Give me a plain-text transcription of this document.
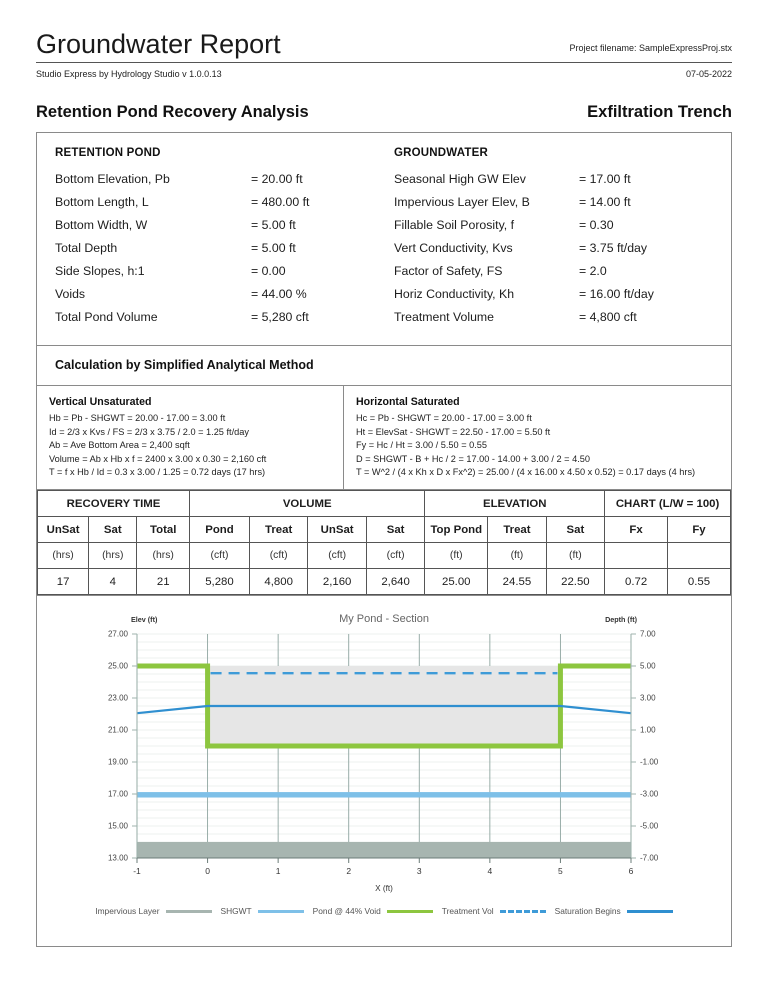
Groundwater Report	Project filename: SampleExpressProj.stx
Studio Express by Hydrology Studio v 1.0.0.13	07-05-2022
Retention Pond Recovery Analysis	Exfiltration Trench
RETENTION POND
Bottom Elevation, Pb	= 20.00 ft
Bottom Length, L	= 480.00 ft
Bottom Width, W	= 5.00 ft
Total Depth	= 5.00 ft
Side Slopes, h:1	= 0.00
Voids	= 44.00 %
Total Pond Volume	= 5,280 cft
GROUNDWATER
Seasonal High GW Elev	= 17.00 ft
Impervious Layer Elev, B	= 14.00 ft
Fillable Soil Porosity, f	= 0.30
Vert Conductivity, Kvs	= 3.75 ft/day
Factor of Safety, FS	= 2.0
Horiz Conductivity, Kh	= 16.00 ft/day
Treatment Volume	= 4,800 cft
Calculation by Simplified Analytical Method
Vertical Unsaturated
Hb = Pb - SHGWT = 20.00 - 17.00 = 3.00 ft
Id = 2/3 x Kvs / FS = 2/3 x 3.75 / 2.0 = 1.25 ft/day
Ab = Ave Bottom Area = 2,400 sqft
Volume = Ab x Hb x f = 2400 x 3.00 x 0.30 = 2,160 cft
T = f x Hb / Id = 0.3 x 3.00 / 1.25 = 0.72 days (17 hrs)
Horizontal Saturated
Hc = Pb - SHGWT = 20.00 - 17.00 = 3.00 ft
Ht = ElevSat - SHGWT = 22.50 - 17.00 = 5.50 ft
Fy = Hc / Ht = 3.00 / 5.50 = 0.55
D = SHGWT - B + Hc / 2 = 17.00 - 14.00 + 3.00 / 2 = 4.50
T = W^2 / (4 x Kh x D x Fx^2) = 25.00 / (4 x 16.00 x 4.50 x 0.52) = 0.17 days (4 hrs)
RECOVERY TIME			VOLUME				ELEVATION			CHART (L/W = 100)	
UnSat	Sat	Total	Pond	Treat	UnSat	Sat	Top Pond	Treat	Sat	Fx	Fy
(hrs)	(hrs)	(hrs)	(cft)	(cft)	(cft)	(cft)	(ft)	(ft)	(ft)		
17	4	21	5,280	4,800	2,160	2,640	25.00	24.55	22.50	0.72	0.55
27.00
25.00
23.00
21.00
19.00
17.00
15.00
13.00
7.00
5.00
3.00
1.00
-1.00
-3.00
-5.00
-7.00
-1	0	1	2	3	4	5	6
My Pond - Section
Elev (ft)	Depth (ft)
X (ft)
Impervious Layer	SHGWT	Pond @ 44% Void	Treatment Vol	Saturation Begins
